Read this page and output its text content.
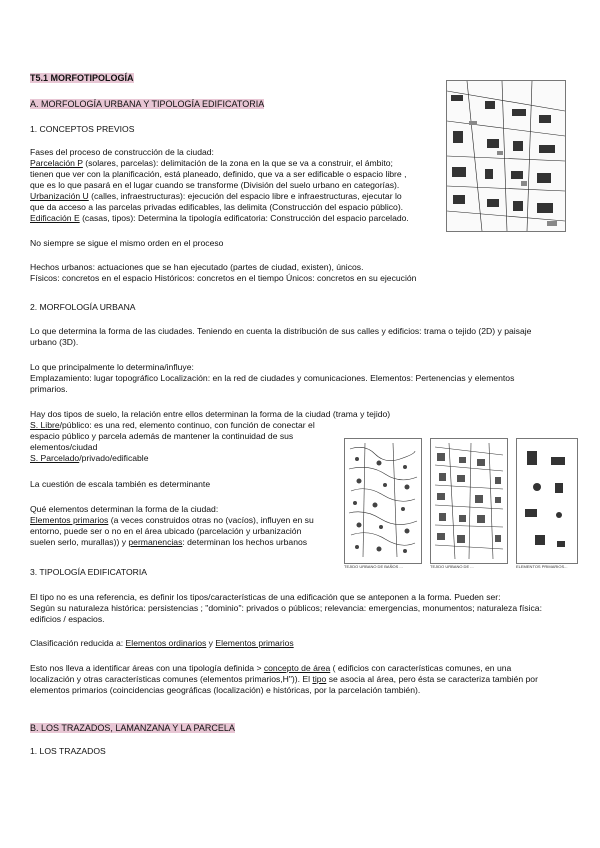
T5.1 MORFOTIPOLOGÍA
A. MORFOLOGÍA URBANA Y TIPOLOGÍA EDIFICATORIA
1. CONCEPTOS PREVIOS
Fases del proceso de construcción de la ciudad:
Parcelación P (solares, parcelas): delimitación de la zona en la que se va a construir, el ámbito;
tienen que ver con la planificación, está planeado, definido, que va a ser edificable o espacio libre ,
que es lo que pasará en el lugar cuando se transforme (División del suelo urbano en categorías).
Urbanización U (calles, infraestructuras): ejecución del espacio libre e infraestructuras, ejecutar lo
que da acceso a las parcelas privadas edificables, las delimita (Construcción del espacio público).
Edificación E (casas, tipos): Determina la tipología edificatoria: Construcción del espacio parcelado.
No siempre se sigue el mismo orden en el proceso
Hechos urbanos: actuaciones que se han ejecutado (partes de ciudad, existen), únicos.
Físicos: concretos en el espacio Históricos: concretos en el tiempo Únicos: concretos en su ejecución
2. MORFOLOGÍA URBANA
Lo que determina la forma de las ciudades. Teniendo en cuenta la distribución de sus calles y edificios: trama o tejido (2D) y paisaje
urbano (3D).
Lo que principalmente lo determina/influye:
Emplazamiento: lugar topográfico Localización: en la red de ciudades y comunicaciones. Elementos: Pertenencias y elementos
primarios.
Hay dos tipos de suelo, la relación entre ellos determinan la forma de la ciudad (trama y tejido)
S. Libre/público: es una red, elemento continuo, con función de conectar el
espacio público y parcela además de mantener la continuidad de sus
elementos/ciudad
S. Parcelado/privado/edificable
La cuestión de escala también es determinante
Qué elementos determinan la forma de la ciudad:
Elementos primarios (a veces construidos otras no (vacíos), influyen en su
entorno, puede ser o no en el área ubicado (parcelación y urbanización
suelen serlo, murallas)) y permanencias: determinan los hechos urbanos
TEJIDO URBANO DE BAÑOS ...	TEJIDO URBANO DE ...	ELEMENTOS PRIMARIOS...
3. TIPOLOGÍA EDIFICATORIA
El tipo no es una referencia, es definir los tipos/características de una edificación que se anteponen a la forma. Pueden ser:
Según su naturaleza histórica: persistencias ; "dominio": privados o públicos; relevancia: emergencias, monumentos; naturaleza física:
edificios / espacios.
Clasificación reducida a: Elementos ordinarios y Elementos primarios
Esto nos lleva a identificar áreas con una tipología definida > concepto de área ( edificios con características comunes, en una
localización y otras características comunes (elementos primarios,H")). El tipo se asocia al área, pero ésta se caracteriza también por
elementos primarios (coincidencias geográficas (localización) e históricas, por la parcelación también).
B. LOS TRAZADOS, LAMANZANA Y LA PARCELA
1. LOS TRAZADOS
